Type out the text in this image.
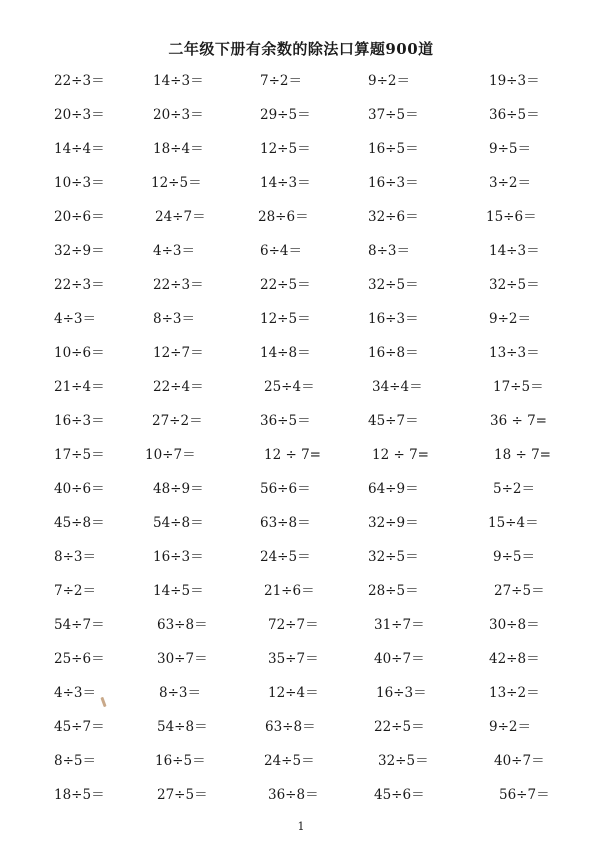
二年级下册有余数的除法口算题900道
22÷3＝	14÷3＝	7÷2＝	9÷2＝	19÷3＝
20÷3＝	20÷3＝	29÷5＝	37÷5＝	36÷5＝
14÷4＝	18÷4＝	12÷5＝	16÷5＝	9÷5＝
10÷3＝	12÷5＝	14÷3＝	16÷3＝	3÷2＝
20÷6＝	24÷7＝	28÷6＝	32÷6＝	15÷6＝
32÷9＝	4÷3＝	6÷4＝	8÷3＝	14÷3＝
22÷3＝	22÷3＝	22÷5＝	32÷5＝	32÷5＝
4÷3＝	8÷3＝	12÷5＝	16÷3＝	9÷2＝
10÷6＝	12÷7＝	14÷8＝	16÷8＝	13÷3＝
21÷4＝	22÷4＝	25÷4＝	34÷4＝	17÷5＝
16÷3＝	27÷2＝	36÷5＝	45÷7＝	36 ÷ 7=
17÷5＝	10÷7＝	12 ÷ 7=	12 ÷ 7=	18 ÷ 7=
40÷6＝	48÷9＝	56÷6＝	64÷9＝	5÷2＝
45÷8＝	54÷8＝	63÷8＝	32÷9＝	15÷4＝
8÷3＝	16÷3＝	24÷5＝	32÷5＝	9÷5＝
7÷2＝	14÷5＝	21÷6＝	28÷5＝	27÷5＝
54÷7＝	63÷8＝	72÷7＝	31÷7＝	30÷8＝
25÷6＝	30÷7＝	35÷7＝	40÷7＝	42÷8＝
4÷3＝	8÷3＝	12÷4＝	16÷3＝	13÷2＝
45÷7＝	54÷8＝	63÷8＝	22÷5＝	9÷2＝
8÷5＝	16÷5＝	24÷5＝	32÷5＝	40÷7＝
18÷5＝	27÷5＝	36÷8＝	45÷6＝	56÷7＝
1
